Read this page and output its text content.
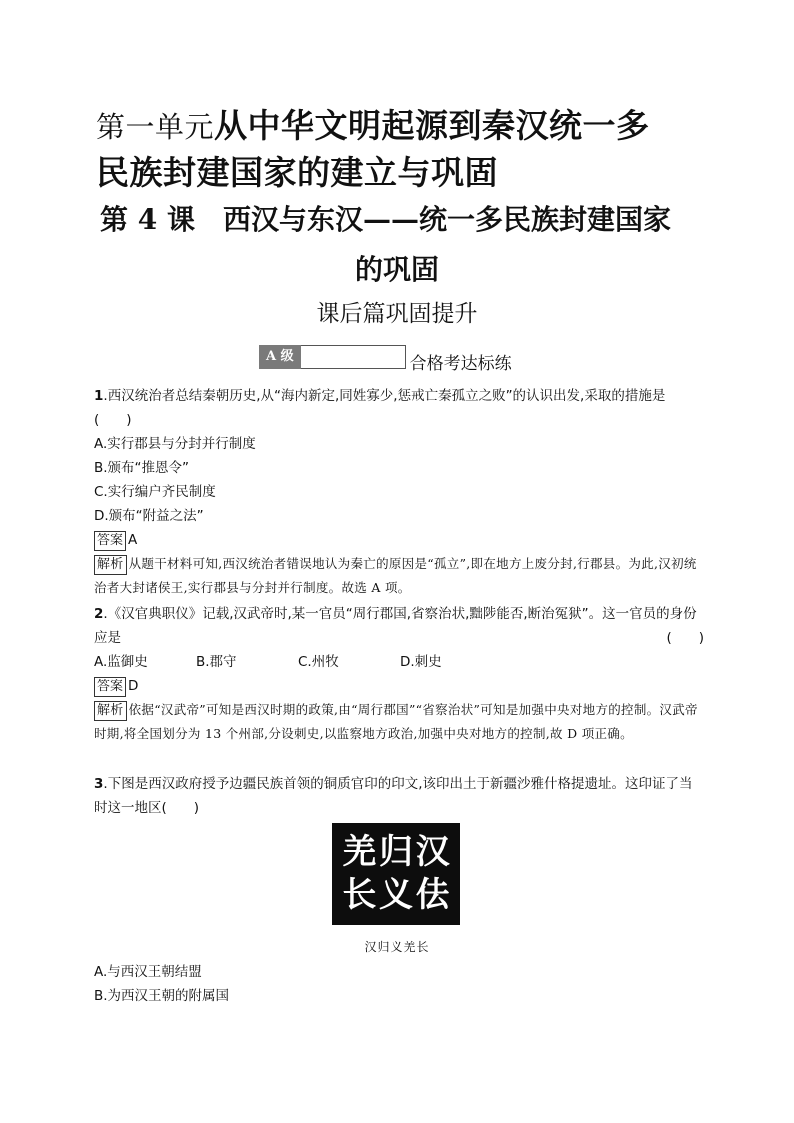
第一单元从中华文明起源到秦汉统一多
民族封建国家的建立与巩固
第 4 课 西汉与东汉——统一多民族封建国家
的巩固
课后篇巩固提升
A 级	合格考达标练
1.西汉统治者总结秦朝历史,从“海内新定,同姓寡少,惩戒亡秦孤立之败”的认识出发,采取的措施是
(　　)
A.实行郡县与分封并行制度
B.颁布“推恩令”
C.实行编户齐民制度
D.颁布“附益之法”
答案 A
解析 从题干材料可知,西汉统治者错误地认为秦亡的原因是“孤立”,即在地方上废分封,行郡县。为此,汉初统治者大封诸侯王,实行郡县与分封并行制度。故选 A 项。
2.《汉官典职仪》记载,汉武帝时,某一官员“周行郡国,省察治状,黜陟能否,断治冤狱”。这一官员的身份应是	(　　)
A.监御史	B.郡守	C.州牧	D.刺史
答案 D
解析 依据“汉武帝”可知是西汉时期的政策,由“周行郡国”“省察治状”可知是加强中央对地方的控制。汉武帝时期,将全国划分为 13 个州部,分设刺史,以监察地方政治,加强中央对地方的控制,故 D 项正确。
3.下图是西汉政府授予边疆民族首领的铜质官印的印文,该印出土于新疆沙雅什格提遗址。这印证了当时这一地区(　　)
羌 归 汉
长 义 佉
汉归义羌长
A.与西汉王朝结盟
B.为西汉王朝的附属国
